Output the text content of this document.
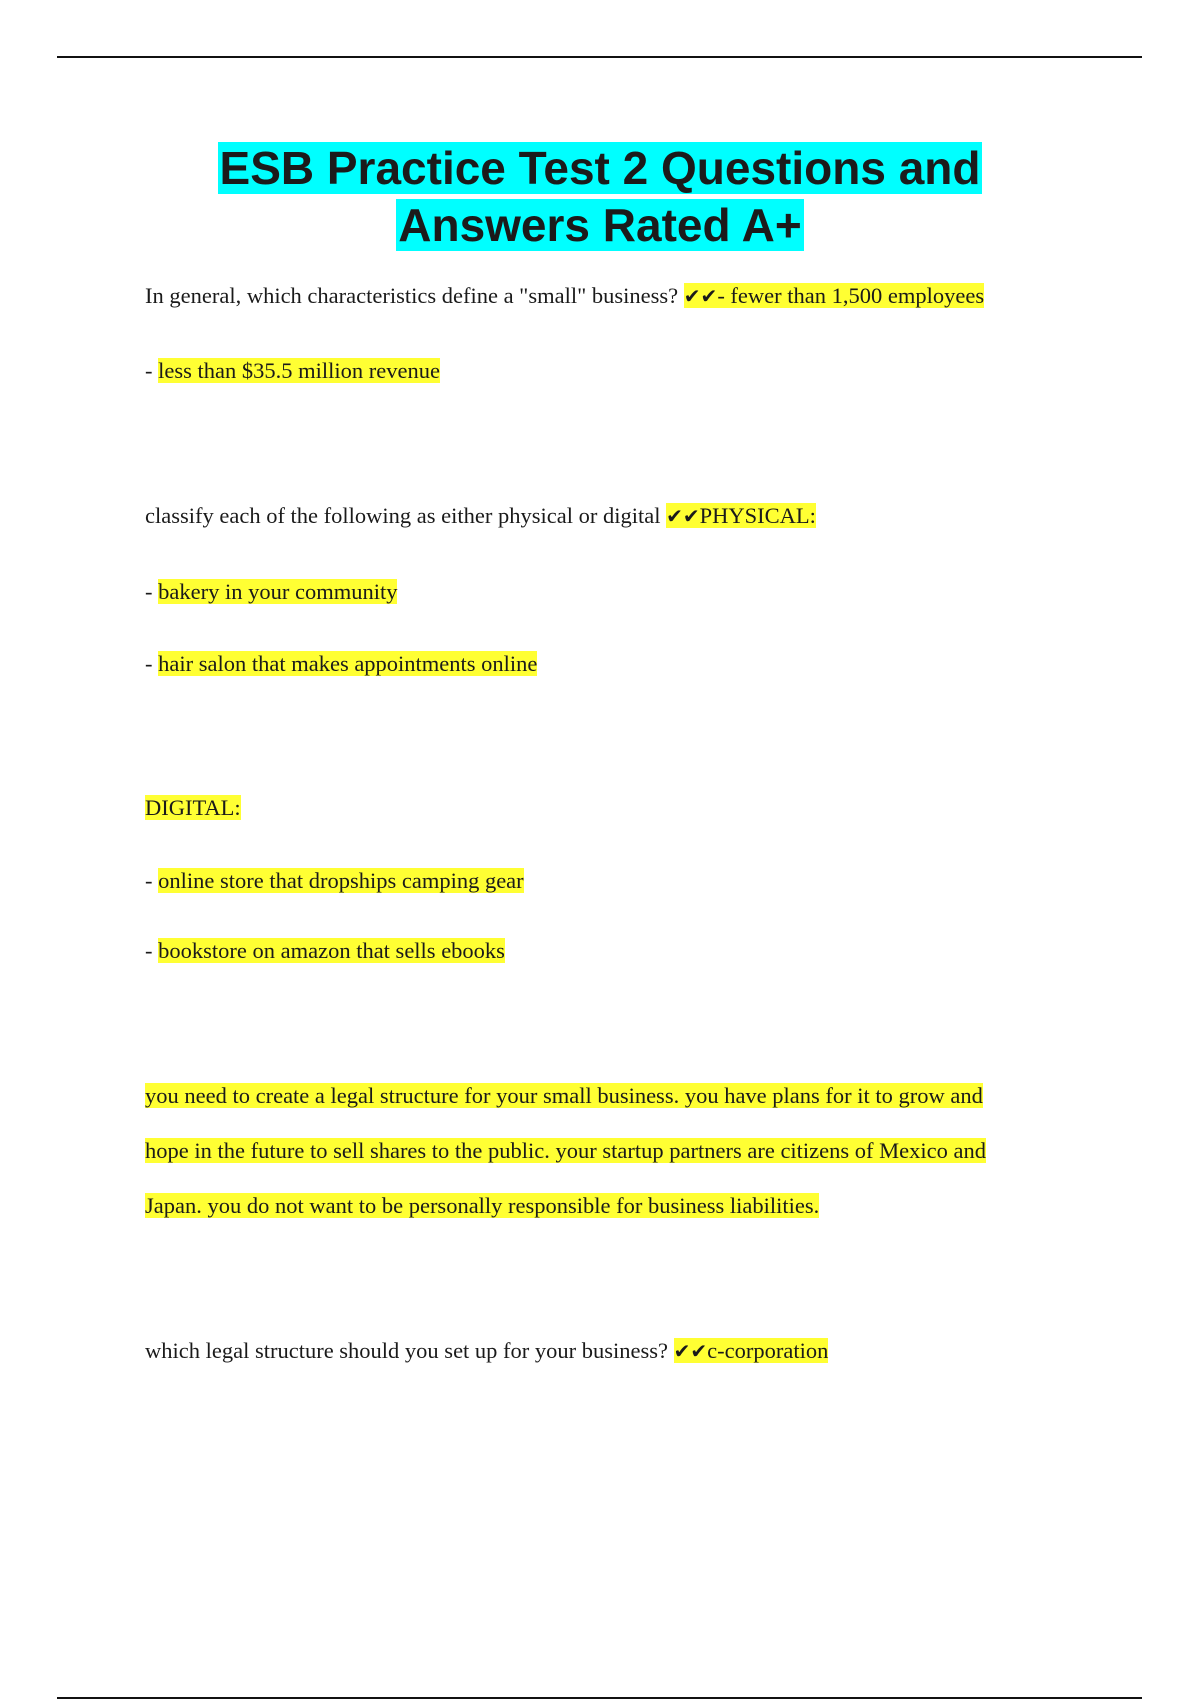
ESB Practice Test 2 Questions and
Answers Rated A+

In general, which characteristics define a "small" business? ✔✔- fewer than 1,500 employees

- less than $35.5 million revenue

classify each of the following as either physical or digital ✔✔PHYSICAL:

- bakery in your community

- hair salon that makes appointments online

DIGITAL:

- online store that dropships camping gear

- bookstore on amazon that sells ebooks

you need to create a legal structure for your small business. you have plans for it to grow and

hope in the future to sell shares to the public. your startup partners are citizens of Mexico and

Japan. you do not want to be personally responsible for business liabilities.

which legal structure should you set up for your business? ✔✔c-corporation
